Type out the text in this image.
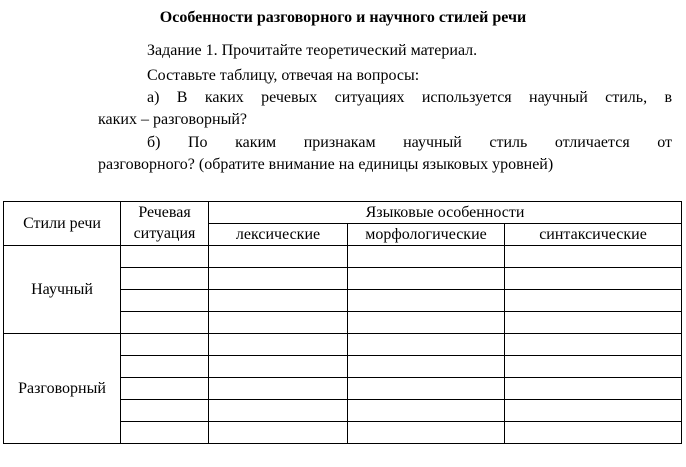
Особенности разговорного и научного стилей речи
Задание 1. Прочитайте теоретический материал.
Составьте таблицу, отвечая на вопросы:
а) В каких речевых ситуациях используется научный стиль, в
каких – разговорный?
б) По каким признакам научный стиль отличается от
разговорного? (обратите внимание на единицы языковых уровней)
Стили речи	Речевая	Языковые особенности		
	ситуация	лексические	морфологические	синтаксические
Научный				

Разговорный				
